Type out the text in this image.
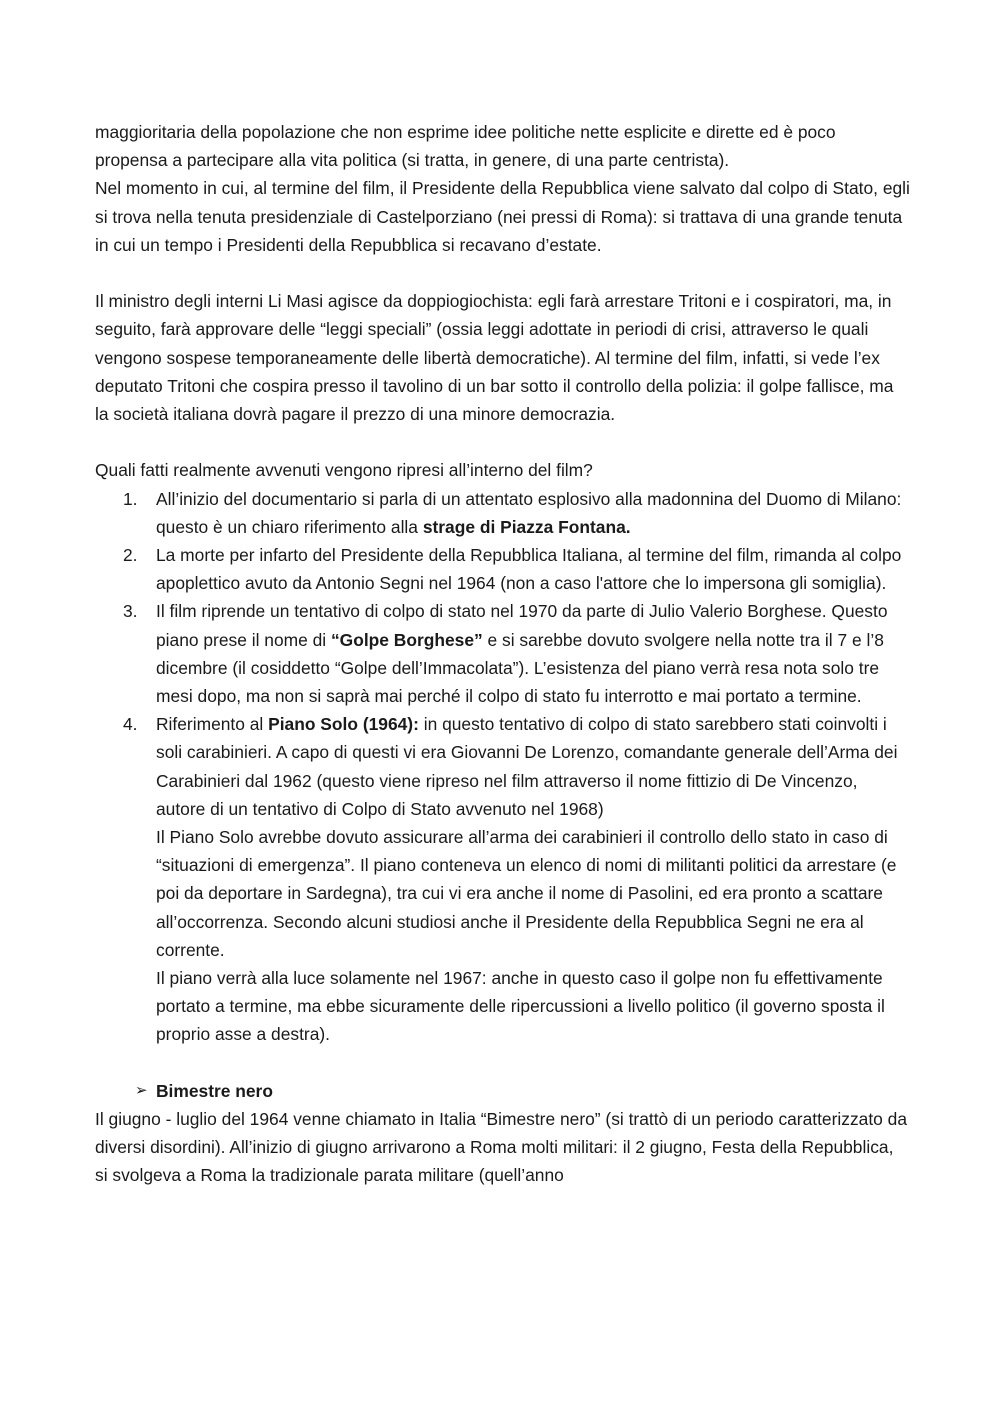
maggioritaria della popolazione che non esprime idee politiche nette esplicite e dirette ed è poco propensa a partecipare alla vita politica (si tratta, in genere, di una parte centrista).

Nel momento in cui, al termine del film, il Presidente della Repubblica viene salvato dal colpo di Stato, egli si trova nella tenuta presidenziale di Castelporziano (nei pressi di Roma): si trattava di una grande tenuta in cui un tempo i Presidenti della Repubblica si recavano d’estate.

Il ministro degli interni Li Masi agisce da doppiogiochista: egli farà arrestare Tritoni e i cospiratori, ma, in seguito, farà approvare delle “leggi speciali” (ossia leggi adottate in periodi di crisi, attraverso le quali vengono sospese temporaneamente delle libertà democratiche). Al termine del film, infatti, si vede l’ex deputato Tritoni che cospira presso il tavolino di un bar sotto il controllo della polizia: il golpe fallisce, ma la società italiana dovrà pagare il prezzo di una minore democrazia.

Quali fatti realmente avvenuti vengono ripresi all’interno del film?

1. All’inizio del documentario si parla di un attentato esplosivo alla madonnina del Duomo di Milano: questo è un chiaro riferimento alla strage di Piazza Fontana.
2. La morte per infarto del Presidente della Repubblica Italiana, al termine del film, rimanda al colpo apoplettico avuto da Antonio Segni nel 1964 (non a caso l'attore che lo impersona gli somiglia).
3. Il film riprende un tentativo di colpo di stato nel 1970 da parte di Julio Valerio Borghese. Questo piano prese il nome di “Golpe Borghese” e si sarebbe dovuto svolgere nella notte tra il 7 e l’8 dicembre (il cosiddetto “Golpe dell’Immacolata”). L’esistenza del piano verrà resa nota solo tre mesi dopo, ma non si saprà mai perché il colpo di stato fu interrotto e mai portato a termine.
4. Riferimento al Piano Solo (1964): in questo tentativo di colpo di stato sarebbero stati coinvolti i soli carabinieri. A capo di questi vi era Giovanni De Lorenzo, comandante generale dell’Arma dei Carabinieri dal 1962 (questo viene ripreso nel film attraverso il nome fittizio di De Vincenzo, autore di un tentativo di Colpo di Stato avvenuto nel 1968)
Il Piano Solo avrebbe dovuto assicurare all’arma dei carabinieri il controllo dello stato in caso di “situazioni di emergenza”. Il piano conteneva un elenco di nomi di militanti politici da arrestare (e poi da deportare in Sardegna), tra cui vi era anche il nome di Pasolini, ed era pronto a scattare all’occorrenza. Secondo alcuni studiosi anche il Presidente della Repubblica Segni ne era al corrente.
Il piano verrà alla luce solamente nel 1967: anche in questo caso il golpe non fu effettivamente portato a termine, ma ebbe sicuramente delle ripercussioni a livello politico (il governo sposta il proprio asse a destra).
➢ Bimestre nero

Il giugno - luglio del 1964 venne chiamato in Italia “Bimestre nero” (si trattò di un periodo caratterizzato da diversi disordini). All’inizio di giugno arrivarono a Roma molti militari: il 2 giugno, Festa della Repubblica, si svolgeva a Roma la tradizionale parata militare (quell’anno
